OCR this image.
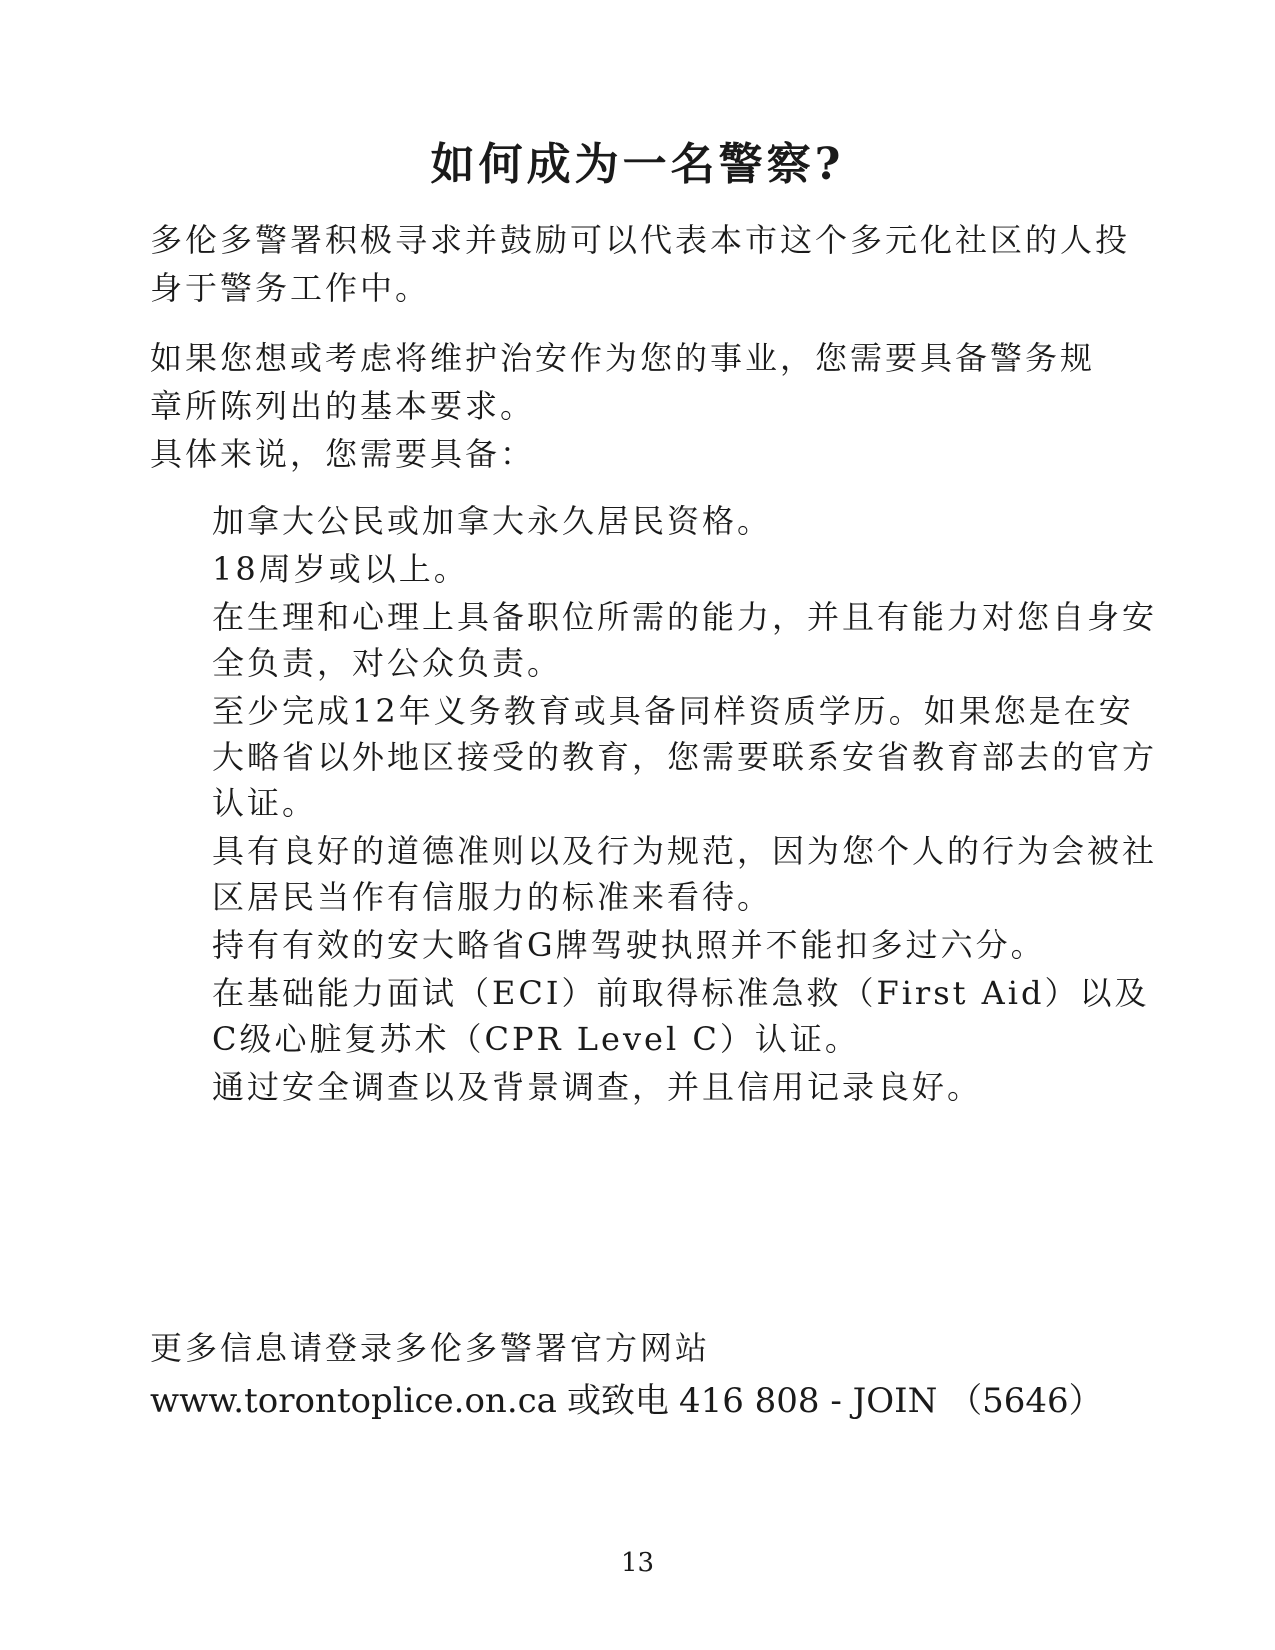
如何成为一名警察?

多伦多警署积极寻求并鼓励可以代表本市这个多元化社区的人投身于警务工作中。

如果您想或考虑将维护治安作为您的事业，您需要具备警务规章所陈列出的基本要求。

具体来说，您需要具备：

加拿大公民或加拿大永久居民资格。
18周岁或以上。
在生理和心理上具备职位所需的能力，并且有能力对您自身安全负责，对公众负责。
至少完成12年义务教育或具备同样资质学历。如果您是在安大略省以外地区接受的教育，您需要联系安省教育部去的官方认证。
具有良好的道德准则以及行为规范，因为您个人的行为会被社区居民当作有信服力的标准来看待。
持有有效的安大略省G牌驾驶执照并不能扣多过六分。
在基础能力面试（ECI）前取得标准急救（First Aid）以及C级心脏复苏术（CPR Level C）认证。
通过安全调查以及背景调查，并且信用记录良好。

更多信息请登录多伦多警署官方网站

www.torontoplice.on.ca 或致电 416 808 - JOIN （5646）

13
